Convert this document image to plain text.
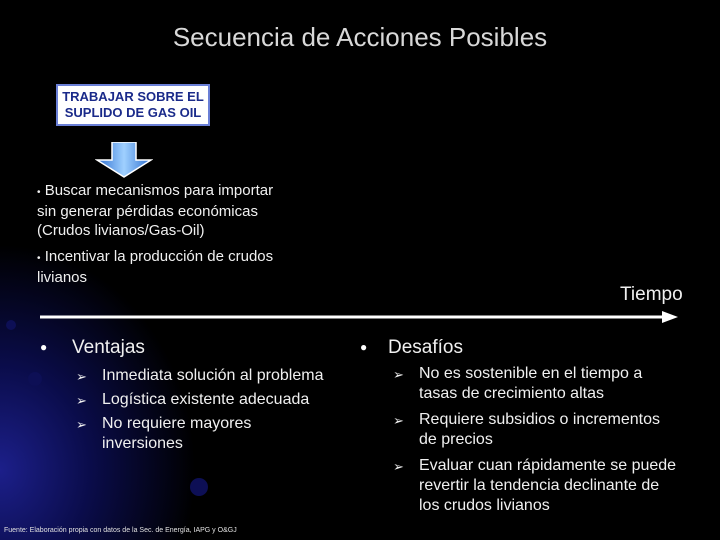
Secuencia de Acciones Posibles
TRABAJAR SOBRE EL
SUPLIDO DE GAS OIL
• Buscar mecanismos para importar
sin generar pérdidas económicas
(Crudos livianos/Gas-Oil)
• Incentivar la producción de crudos
livianos
Tiempo
● Ventajas
➢ Inmediata solución al problema
➢ Logística existente adecuada
➢ No requiere mayores
inversiones
● Desafíos
➢ No es sostenible en el tiempo a
tasas de crecimiento altas
➢ Requiere subsidios o incrementos
de precios
➢ Evaluar cuan rápidamente se puede
revertir la tendencia declinante de
los crudos livianos
Fuente: Elaboración propia con datos de la Sec. de Energía, IAPG y O&GJ
